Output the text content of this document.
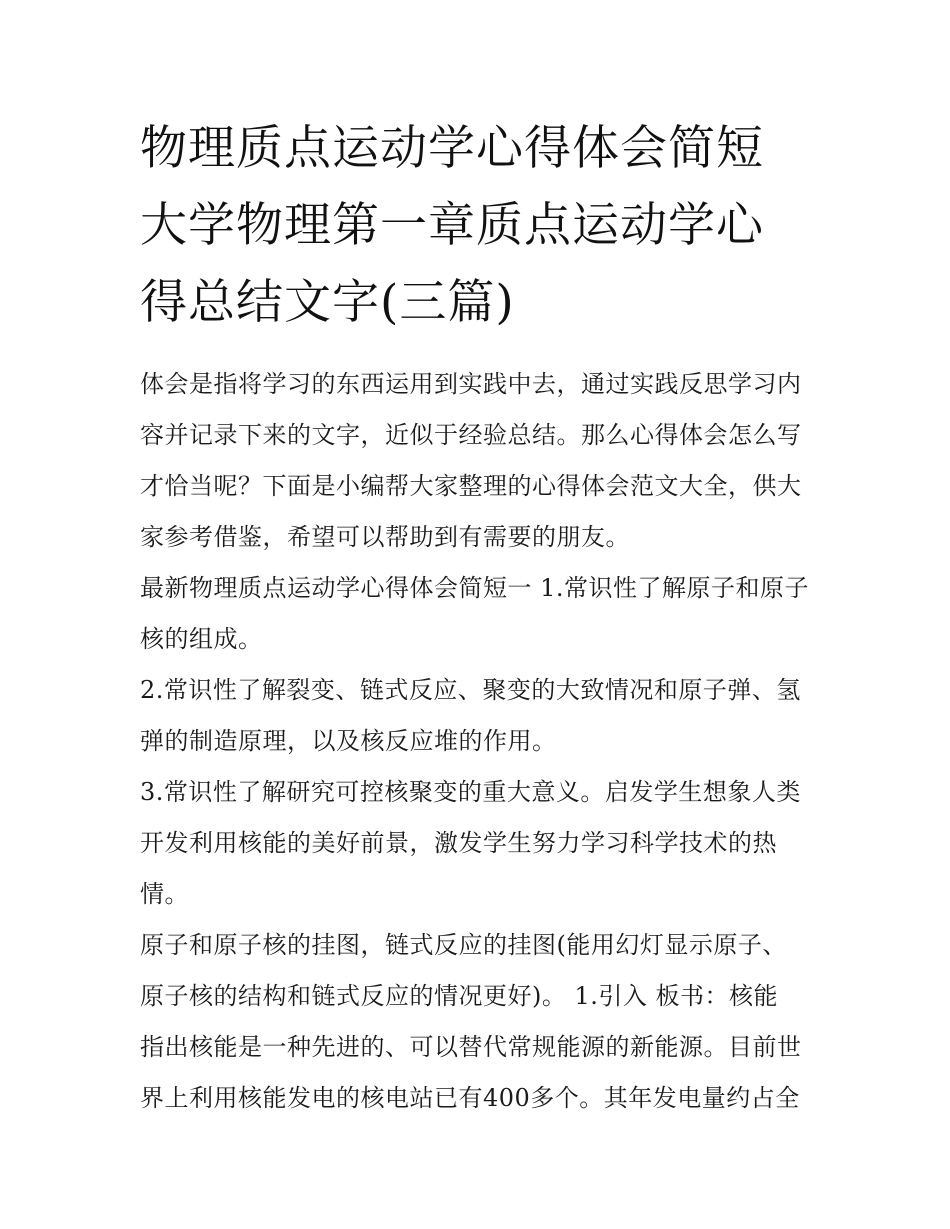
物理质点运动学心得体会简短
大学物理第一章质点运动学心
得总结文字(三篇)

体会是指将学习的东西运用到实践中去，通过实践反思学习内
容并记录下来的文字，近似于经验总结。那么心得体会怎么写
才恰当呢？下面是小编帮大家整理的心得体会范文大全，供大
家参考借鉴，希望可以帮助到有需要的朋友。

最新物理质点运动学心得体会简短一 1.常识性了解原子和原子
核的组成。

2.常识性了解裂变、链式反应、聚变的大致情况和原子弹、氢
弹的制造原理，以及核反应堆的作用。

3.常识性了解研究可控核聚变的重大意义。启发学生想象人类
开发利用核能的美好前景，激发学生努力学习科学技术的热
情。

原子和原子核的挂图，链式反应的挂图(能用幻灯显示原子、
原子核的结构和链式反应的情况更好)。 1.引入 板书：核能

指出核能是一种先进的、可以替代常规能源的新能源。目前世
界上利用核能发电的核电站已有400多个。其年发电量约占全
